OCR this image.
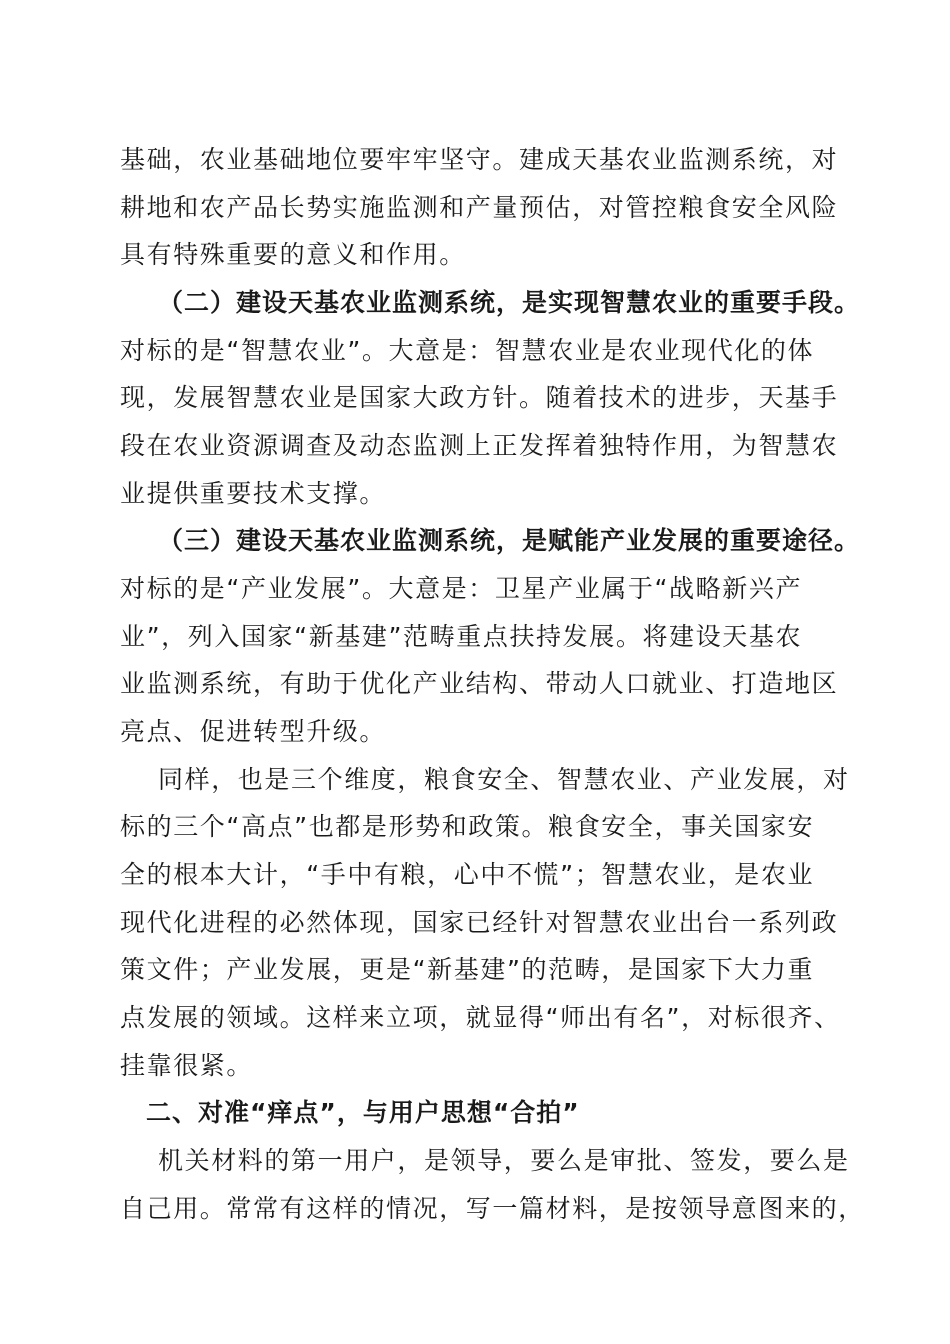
基础，农业基础地位要牢牢坚守。建成天基农业监测系统，对
耕地和农产品长势实施监测和产量预估，对管控粮食安全风险
具有特殊重要的意义和作用。
（二）建设天基农业监测系统，是实现智慧农业的重要手段。
对标的是“智慧农业”。大意是：智慧农业是农业现代化的体
现，发展智慧农业是国家大政方针。随着技术的进步，天基手
段在农业资源调查及动态监测上正发挥着独特作用，为智慧农
业提供重要技术支撑。
（三）建设天基农业监测系统，是赋能产业发展的重要途径。
对标的是“产业发展”。大意是：卫星产业属于“战略新兴产
业”，列入国家“新基建”范畴重点扶持发展。将建设天基农
业监测系统，有助于优化产业结构、带动人口就业、打造地区
亮点、促进转型升级。
同样，也是三个维度，粮食安全、智慧农业、产业发展，对
标的三个“高点”也都是形势和政策。粮食安全，事关国家安
全的根本大计，“手中有粮，心中不慌”；智慧农业，是农业
现代化进程的必然体现，国家已经针对智慧农业出台一系列政
策文件；产业发展，更是“新基建”的范畴，是国家下大力重
点发展的领域。这样来立项，就显得“师出有名”，对标很齐、
挂靠很紧。
二、对准“痒点”，与用户思想“合拍”
机关材料的第一用户，是领导，要么是审批、签发，要么是
自己用。常常有这样的情况，写一篇材料，是按领导意图来的，
